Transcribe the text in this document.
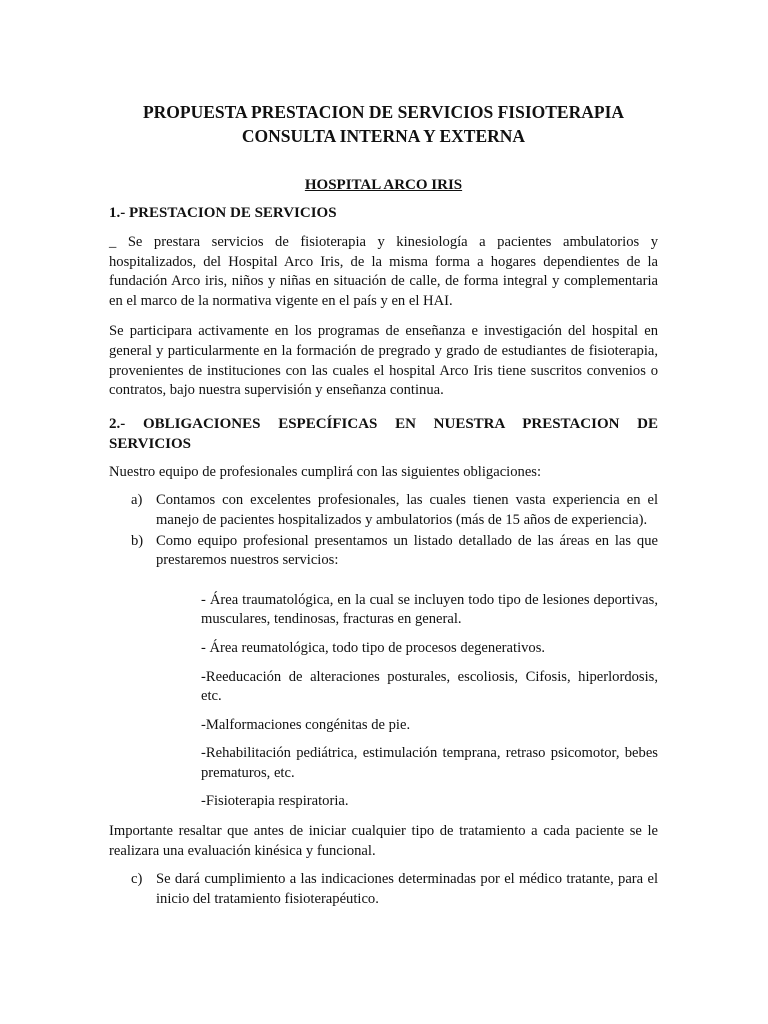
PROPUESTA PRESTACION DE SERVICIOS FISIOTERAPIA
CONSULTA INTERNA Y EXTERNA
HOSPITAL ARCO IRIS
1.- PRESTACION DE SERVICIOS

_ Se prestara servicios de fisioterapia y kinesiología a pacientes ambulatorios y hospitalizados, del Hospital Arco Iris, de la misma forma a hogares dependientes de la fundación Arco iris, niños y niñas en situación de calle, de forma integral y complementaria en el marco de la normativa vigente en el país y en el HAI.

Se participara activamente en los programas de enseñanza e investigación del hospital en general y particularmente en la formación de pregrado y grado de estudiantes de fisioterapia, provenientes de instituciones con las cuales el hospital Arco Iris tiene suscritos convenios o contratos, bajo nuestra supervisión y enseñanza continua.

2.- OBLIGACIONES ESPECÍFICAS EN NUESTRA PRESTACION DE
SERVICIOS

Nuestro equipo de profesionales cumplirá con las siguientes obligaciones:

a) Contamos con excelentes profesionales, las cuales tienen vasta experiencia en el manejo de pacientes hospitalizados y ambulatorios (más de 15 años de experiencia).
b) Como equipo profesional presentamos un listado detallado de las áreas en las que prestaremos nuestros servicios:
- Área traumatológica, en la cual se incluyen todo tipo de lesiones deportivas, musculares, tendinosas, fracturas en general.
- Área reumatológica, todo tipo de procesos degenerativos.
-Reeducación de alteraciones posturales, escoliosis, Cifosis, hiperlordosis, etc.
-Malformaciones congénitas de pie.
-Rehabilitación pediátrica, estimulación temprana, retraso psicomotor, bebes prematuros, etc.
-Fisioterapia respiratoria.

Importante resaltar que antes de iniciar cualquier tipo de tratamiento a cada paciente se le realizara una evaluación kinésica y funcional.

c) Se dará cumplimiento a las indicaciones determinadas por el médico tratante, para el inicio del tratamiento fisioterapéutico.
